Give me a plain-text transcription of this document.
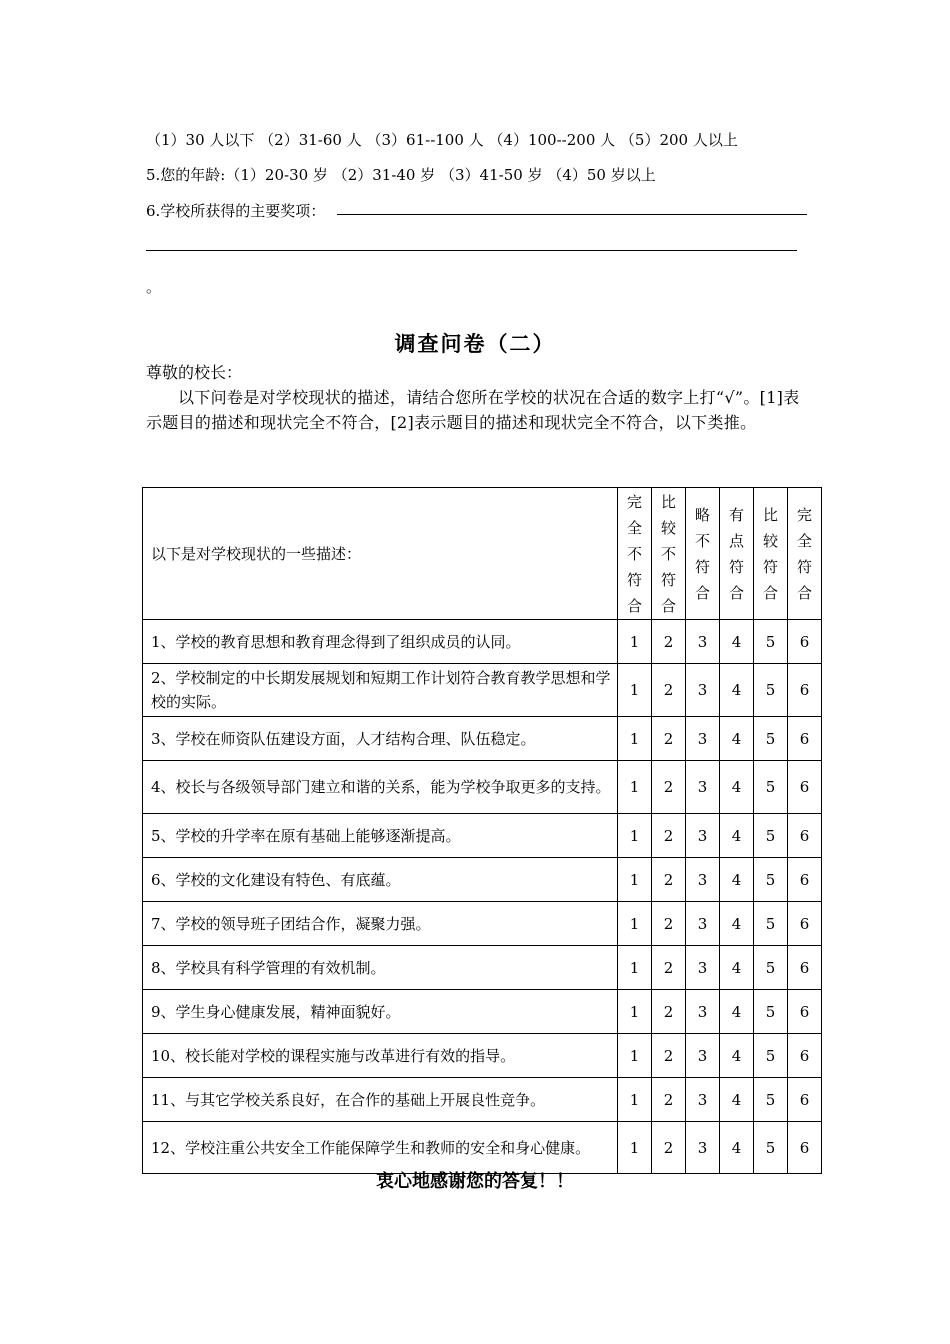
（1）30 人以下 （2）31-60 人 （3）61--100 人 （4）100--200 人 （5）200 人以上
5.您的年龄:（1）20-30 岁 （2）31-40 岁 （3）41-50 岁 （4）50 岁以上
6.学校所获得的主要奖项：
。
调查问卷（二）
尊敬的校长：
以下问卷是对学校现状的描述，请结合您所在学校的状况在合适的数字上打“√”。[1]表示题目的描述和现状完全不符合，[2]表示题目的描述和现状完全不符合，以下类推。
以下是对学校现状的一些描述：	完全不符合	比较不符合	略不符合	有点符合	比较符合	完全符合

1、学校的教育思想和教育理念得到了组织成员的认同。	1	2	3	4	5	6
2、学校制定的中长期发展规划和短期工作计划符合教育教学思想和学校的实际。	1	2	3	4	5	6
3、学校在师资队伍建设方面，人才结构合理、队伍稳定。	1	2	3	4	5	6
4、校长与各级领导部门建立和谐的关系，能为学校争取更多的支持。	1	2	3	4	5	6
5、学校的升学率在原有基础上能够逐渐提高。	1	2	3	4	5	6
6、学校的文化建设有特色、有底蕴。	1	2	3	4	5	6
7、学校的领导班子团结合作，凝聚力强。	1	2	3	4	5	6
8、学校具有科学管理的有效机制。	1	2	3	4	5	6
9、学生身心健康发展，精神面貌好。	1	2	3	4	5	6
10、校长能对学校的课程实施与改革进行有效的指导。	1	2	3	4	5	6
11、与其它学校关系良好，在合作的基础上开展良性竞争。	1	2	3	4	5	6
12、学校注重公共安全工作能保障学生和教师的安全和身心健康。	1	2	3	4	5	6
衷心地感谢您的答复！！
